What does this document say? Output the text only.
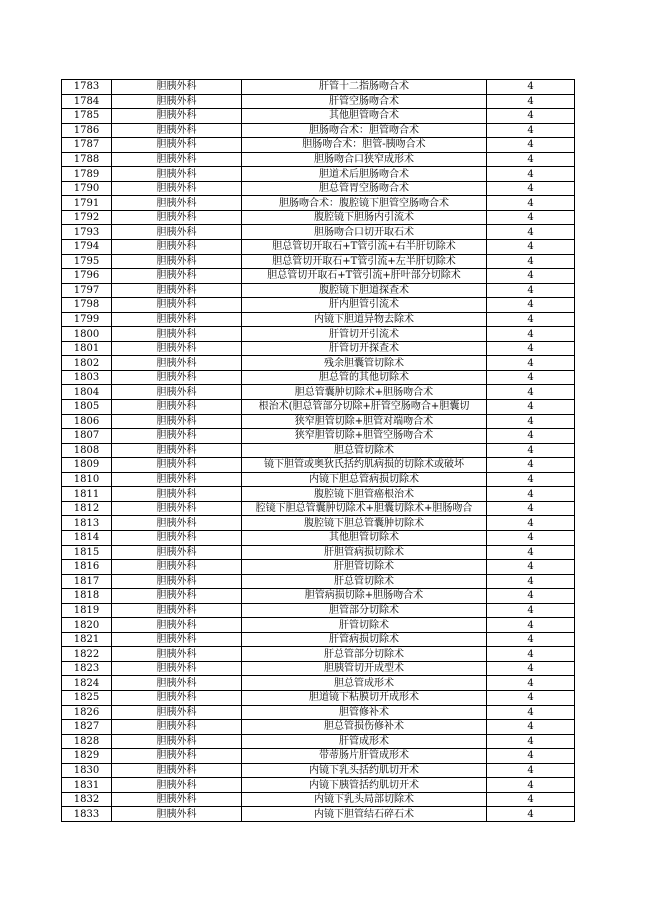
1783	胆胰外科	肝管十二指肠吻合术	4
1784	胆胰外科	肝管空肠吻合术	4
1785	胆胰外科	其他胆管吻合术	4
1786	胆胰外科	胆肠吻合术：胆管吻合术	4
1787	胆胰外科	胆肠吻合术：胆管-胰吻合术	4
1788	胆胰外科	胆肠吻合口狭窄成形术	4
1789	胆胰外科	胆道术后胆肠吻合术	4
1790	胆胰外科	胆总管胃空肠吻合术	4
1791	胆胰外科	胆肠吻合术：腹腔镜下胆管空肠吻合术	4
1792	胆胰外科	腹腔镜下胆肠内引流术	4
1793	胆胰外科	胆肠吻合口切开取石术	4
1794	胆胰外科	胆总管切开取石+T管引流+右半肝切除术	4
1795	胆胰外科	胆总管切开取石+T管引流+左半肝切除术	4
1796	胆胰外科	胆总管切开取石+T管引流+肝叶部分切除术	4
1797	胆胰外科	腹腔镜下胆道探查术	4
1798	胆胰外科	肝内胆管引流术	4
1799	胆胰外科	内镜下胆道异物去除术	4
1800	胆胰外科	肝管切开引流术	4
1801	胆胰外科	肝管切开探查术	4
1802	胆胰外科	残余胆囊管切除术	4
1803	胆胰外科	胆总管的其他切除术	4
1804	胆胰外科	胆总管囊肿切除术+胆肠吻合术	4
1805	胆胰外科	根治术(胆总管部分切除+肝管空肠吻合+胆囊切	4
1806	胆胰外科	狭窄胆管切除+胆管对端吻合术	4
1807	胆胰外科	狭窄胆管切除+胆管空肠吻合术	4
1808	胆胰外科	胆总管切除术	4
1809	胆胰外科	镜下胆管或奥狄氏括约肌病损的切除术或破坏	4
1810	胆胰外科	内镜下胆总管病损切除术	4
1811	胆胰外科	腹腔镜下胆管癌根治术	4
1812	胆胰外科	腔镜下胆总管囊肿切除术+胆囊切除术+胆肠吻合	4
1813	胆胰外科	腹腔镜下胆总管囊肿切除术	4
1814	胆胰外科	其他胆管切除术	4
1815	胆胰外科	肝胆管病损切除术	4
1816	胆胰外科	肝胆管切除术	4
1817	胆胰外科	肝总管切除术	4
1818	胆胰外科	胆管病损切除+胆肠吻合术	4
1819	胆胰外科	胆管部分切除术	4
1820	胆胰外科	肝管切除术	4
1821	胆胰外科	肝管病损切除术	4
1822	胆胰外科	肝总管部分切除术	4
1823	胆胰外科	胆胰管切开成型术	4
1824	胆胰外科	胆总管成形术	4
1825	胆胰外科	胆道镜下粘膜切开成形术	4
1826	胆胰外科	胆管修补术	4
1827	胆胰外科	胆总管损伤修补术	4
1828	胆胰外科	肝管成形术	4
1829	胆胰外科	带蒂肠片肝管成形术	4
1830	胆胰外科	内镜下乳头括约肌切开术	4
1831	胆胰外科	内镜下胰管括约肌切开术	4
1832	胆胰外科	内镜下乳头局部切除术	4
1833	胆胰外科	内镜下胆管结石碎石术	4
